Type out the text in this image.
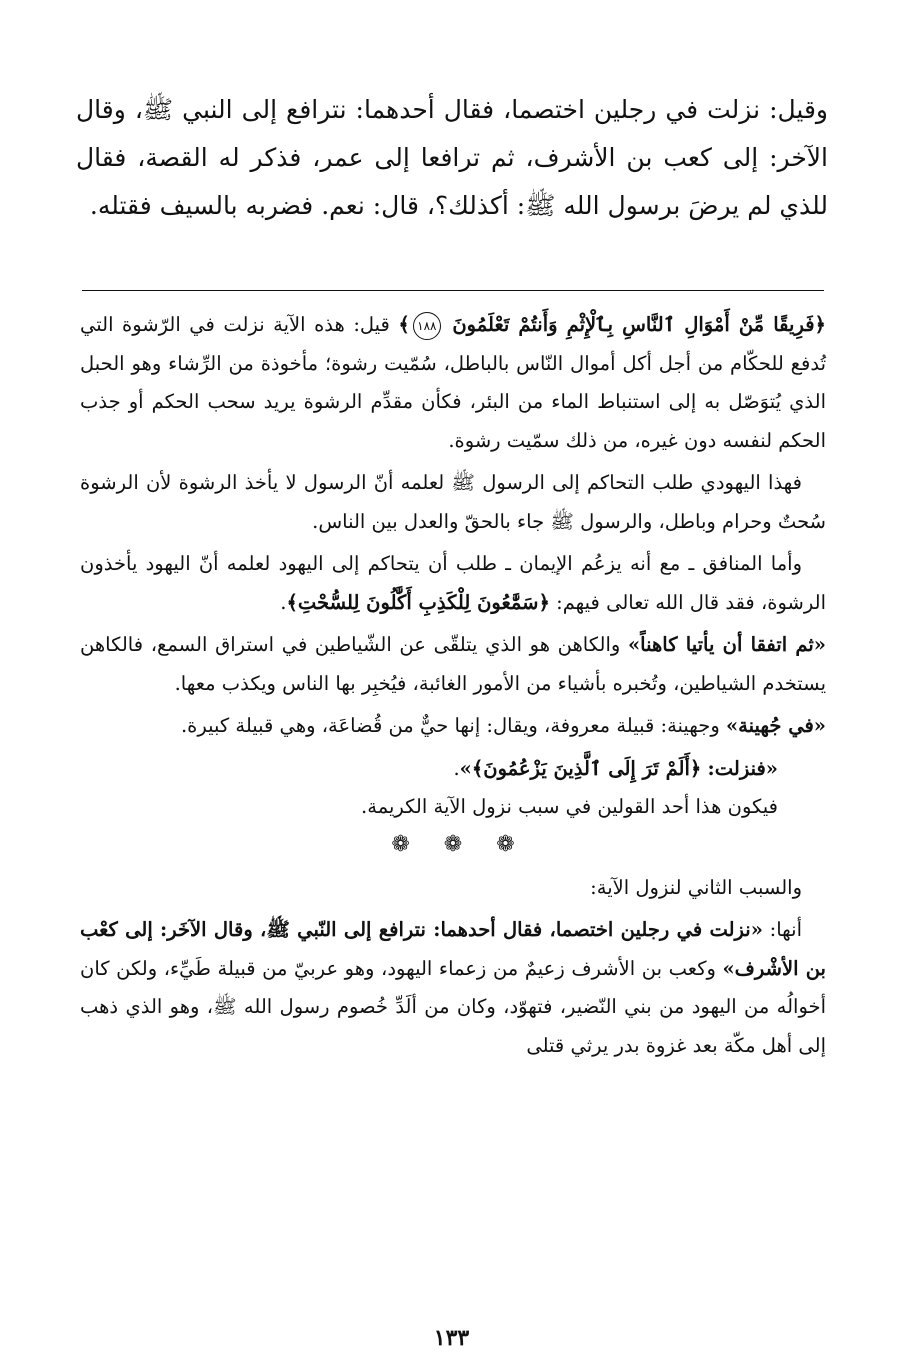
وقيل: نزلت في رجلين اختصما، فقال أحدهما: نترافع إلى النبي ﷺ، وقال الآخر: إلى كعب بن الأشرف، ثم ترافعا إلى عمر، فذكر له القصة، فقال للذي لم يرضَ برسول الله ﷺ: أكذلك؟، قال: نعم. فضربه بالسيف فقتله.

﴿فَرِيقًا مِّنْ أَمْوَالِ ٱلنَّاسِ بِٱلْإِثْمِ وَأَنتُمْ تَعْلَمُونَ ١٨٨﴾ قيل: هذه الآية نزلت في الرّشوة التي تُدفع للحكّام من أجل أكل أموال النّاس بالباطل، سُمّيت رشوة؛ مأخوذة من الرِّشاء وهو الحبل الذي يُتوَصّل به إلى استنباط الماء من البئر، فكأن مقدِّم الرشوة يريد سحب الحكم أو جذب الحكم لنفسه دون غيره، من ذلك سمّيت رشوة.

فهذا اليهودي طلب التحاكم إلى الرسول ﷺ لعلمه أنّ الرسول لا يأخذ الرشوة لأن الرشوة سُحتٌ وحرام وباطل، والرسول ﷺ جاء بالحقّ والعدل بين الناس.

وأما المنافق ـ مع أنه يزعُم الإيمان ـ طلب أن يتحاكم إلى اليهود لعلمه أنّ اليهود يأخذون الرشوة، فقد قال الله تعالى فيهم: ﴿سَمَّٰعُونَ لِلْكَذِبِ أَكَّٰلُونَ لِلسُّحْتِ﴾.

«ثم اتفقا أن يأتيا كاهناً» والكاهن هو الذي يتلقّى عن الشّياطين في استراق السمع، فالكاهن يستخدم الشياطين، وتُخبره بأشياء من الأمور الغائبة، فيُخبِر بها الناس ويكذب معها.

«في جُهينة» وجهينة: قبيلة معروفة، ويقال: إنها حيٌّ من قُضاعَة، وهي قبيلة كبيرة.

«فنزلت: ﴿أَلَمْ تَرَ إِلَى ٱلَّذِينَ يَزْعُمُونَ﴾».

فيكون هذا أحد القولين في سبب نزول الآية الكريمة.

❁❁❁

والسبب الثاني لنزول الآية:

أنها: «نزلت في رجلين اختصما، فقال أحدهما: نترافع إلى النّبي ﷺ، وقال الآخَر: إلى كعْب بن الأشْرف» وكعب بن الأشرف زعيمٌ من زعماء اليهود، وهو عربيّ من قبيلة طَيِّء، ولكن كان أخوالُه من اليهود من بني النّضير، فتهوّد، وكان من ألَدِّ خُصوم رسول الله ﷺ، وهو الذي ذهب إلى أهل مكّة بعد غزوة بدر يرثي قتلى

١٣٣
